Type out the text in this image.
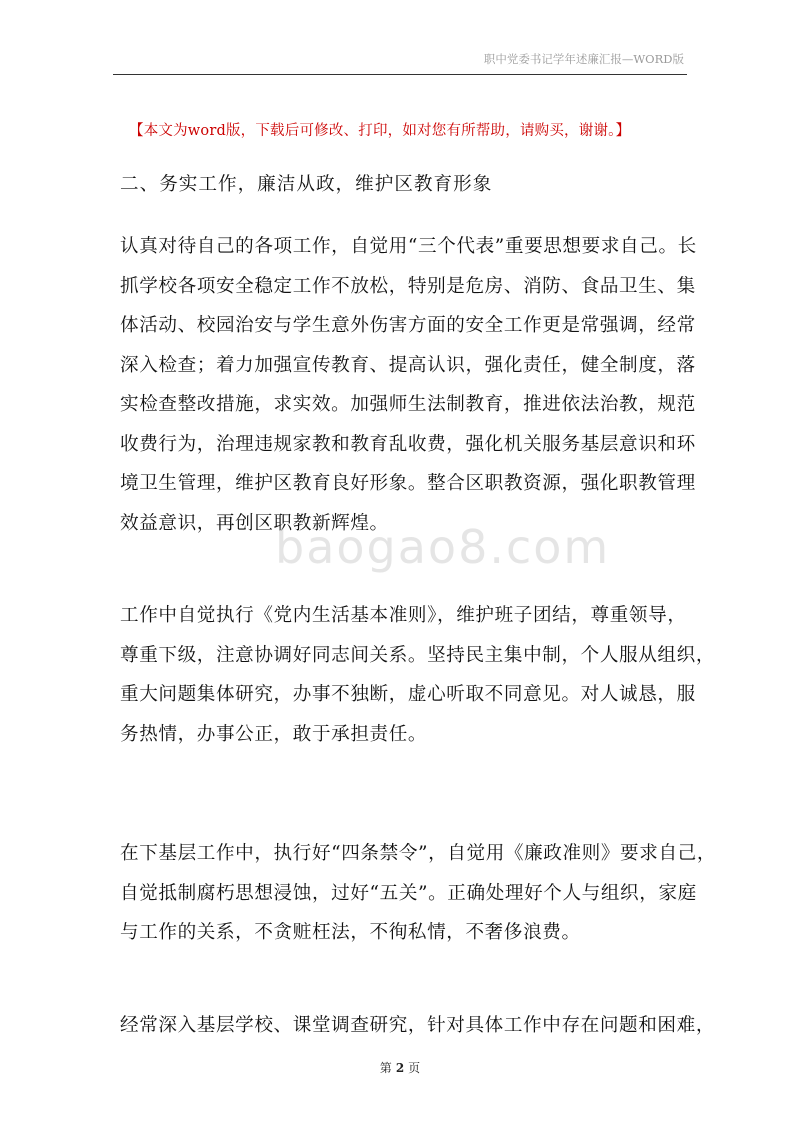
职中党委书记学年述廉汇报—WORD版
【本文为word版，下载后可修改、打印，如对您有所帮助，请购买，谢谢。】
二、务实工作，廉洁从政，维护区教育形象
认真对待自己的各项工作，自觉用“三个代表”重要思想要求自己。长
抓学校各项安全稳定工作不放松，特别是危房、消防、食品卫生、集
体活动、校园治安与学生意外伤害方面的安全工作更是常强调，经常
深入检查；着力加强宣传教育、提高认识，强化责任，健全制度，落
实检查整改措施，求实效。加强师生法制教育，推进依法治教，规范
收费行为，治理违规家教和教育乱收费，强化机关服务基层意识和环
境卫生管理，维护区教育良好形象。整合区职教资源，强化职教管理
效益意识，再创区职教新辉煌。
baogao8.com
工作中自觉执行《党内生活基本准则》，维护班子团结，尊重领导，
尊重下级，注意协调好同志间关系。坚持民主集中制，个人服从组织，
重大问题集体研究，办事不独断，虚心听取不同意见。对人诚恳，服
务热情，办事公正，敢于承担责任。
在下基层工作中，执行好“四条禁令”，自觉用《廉政准则》要求自己，
自觉抵制腐朽思想浸蚀，过好“五关”。正确处理好个人与组织，家庭
与工作的关系，不贪赃枉法，不徇私情，不奢侈浪费。
经常深入基层学校、课堂调查研究，针对具体工作中存在问题和困难，
第 2 页
